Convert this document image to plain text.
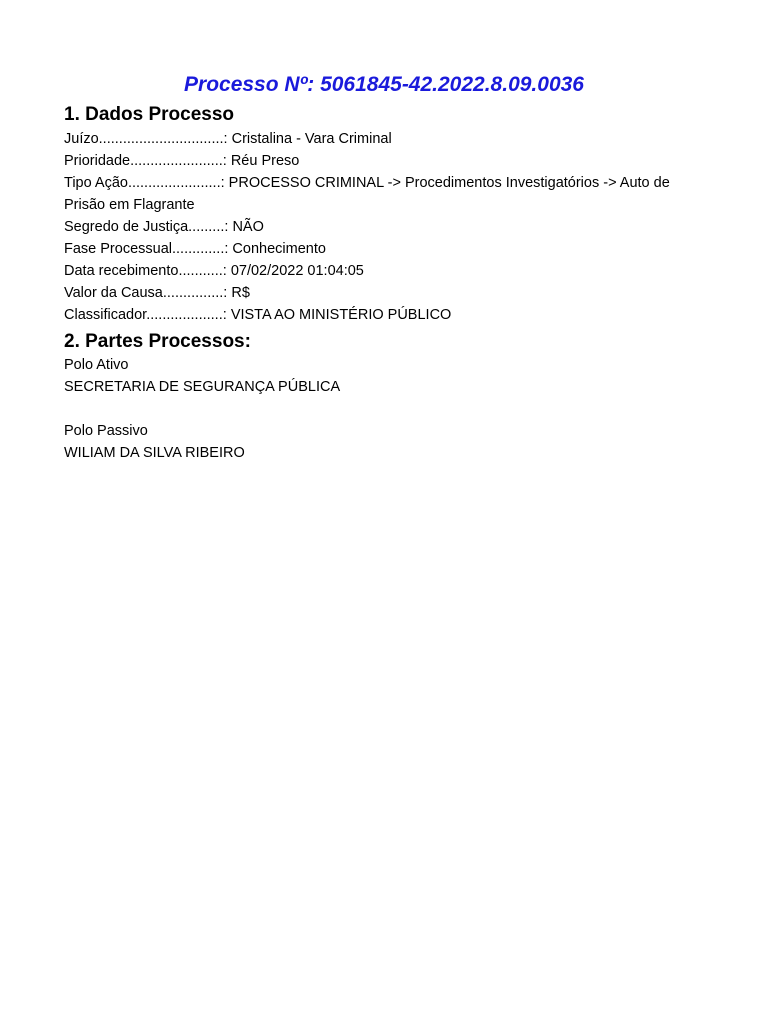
Processo Nº: 5061845-42.2022.8.09.0036
1. Dados Processo

Juízo...............................: Cristalina - Vara Criminal

Prioridade.......................: Réu Preso

Tipo Ação.......................: PROCESSO CRIMINAL -> Procedimentos Investigatórios -> Auto de Prisão em Flagrante

Segredo de Justiça.........: NÃO

Fase Processual.............: Conhecimento

Data recebimento...........: 07/02/2022 01:04:05

Valor da Causa...............: R$

Classificador...................: VISTA AO MINISTÉRIO PÚBLICO

2. Partes Processos:

Polo Ativo

SECRETARIA DE SEGURANÇA PÚBLICA

Polo Passivo

WILIAM DA SILVA RIBEIRO
